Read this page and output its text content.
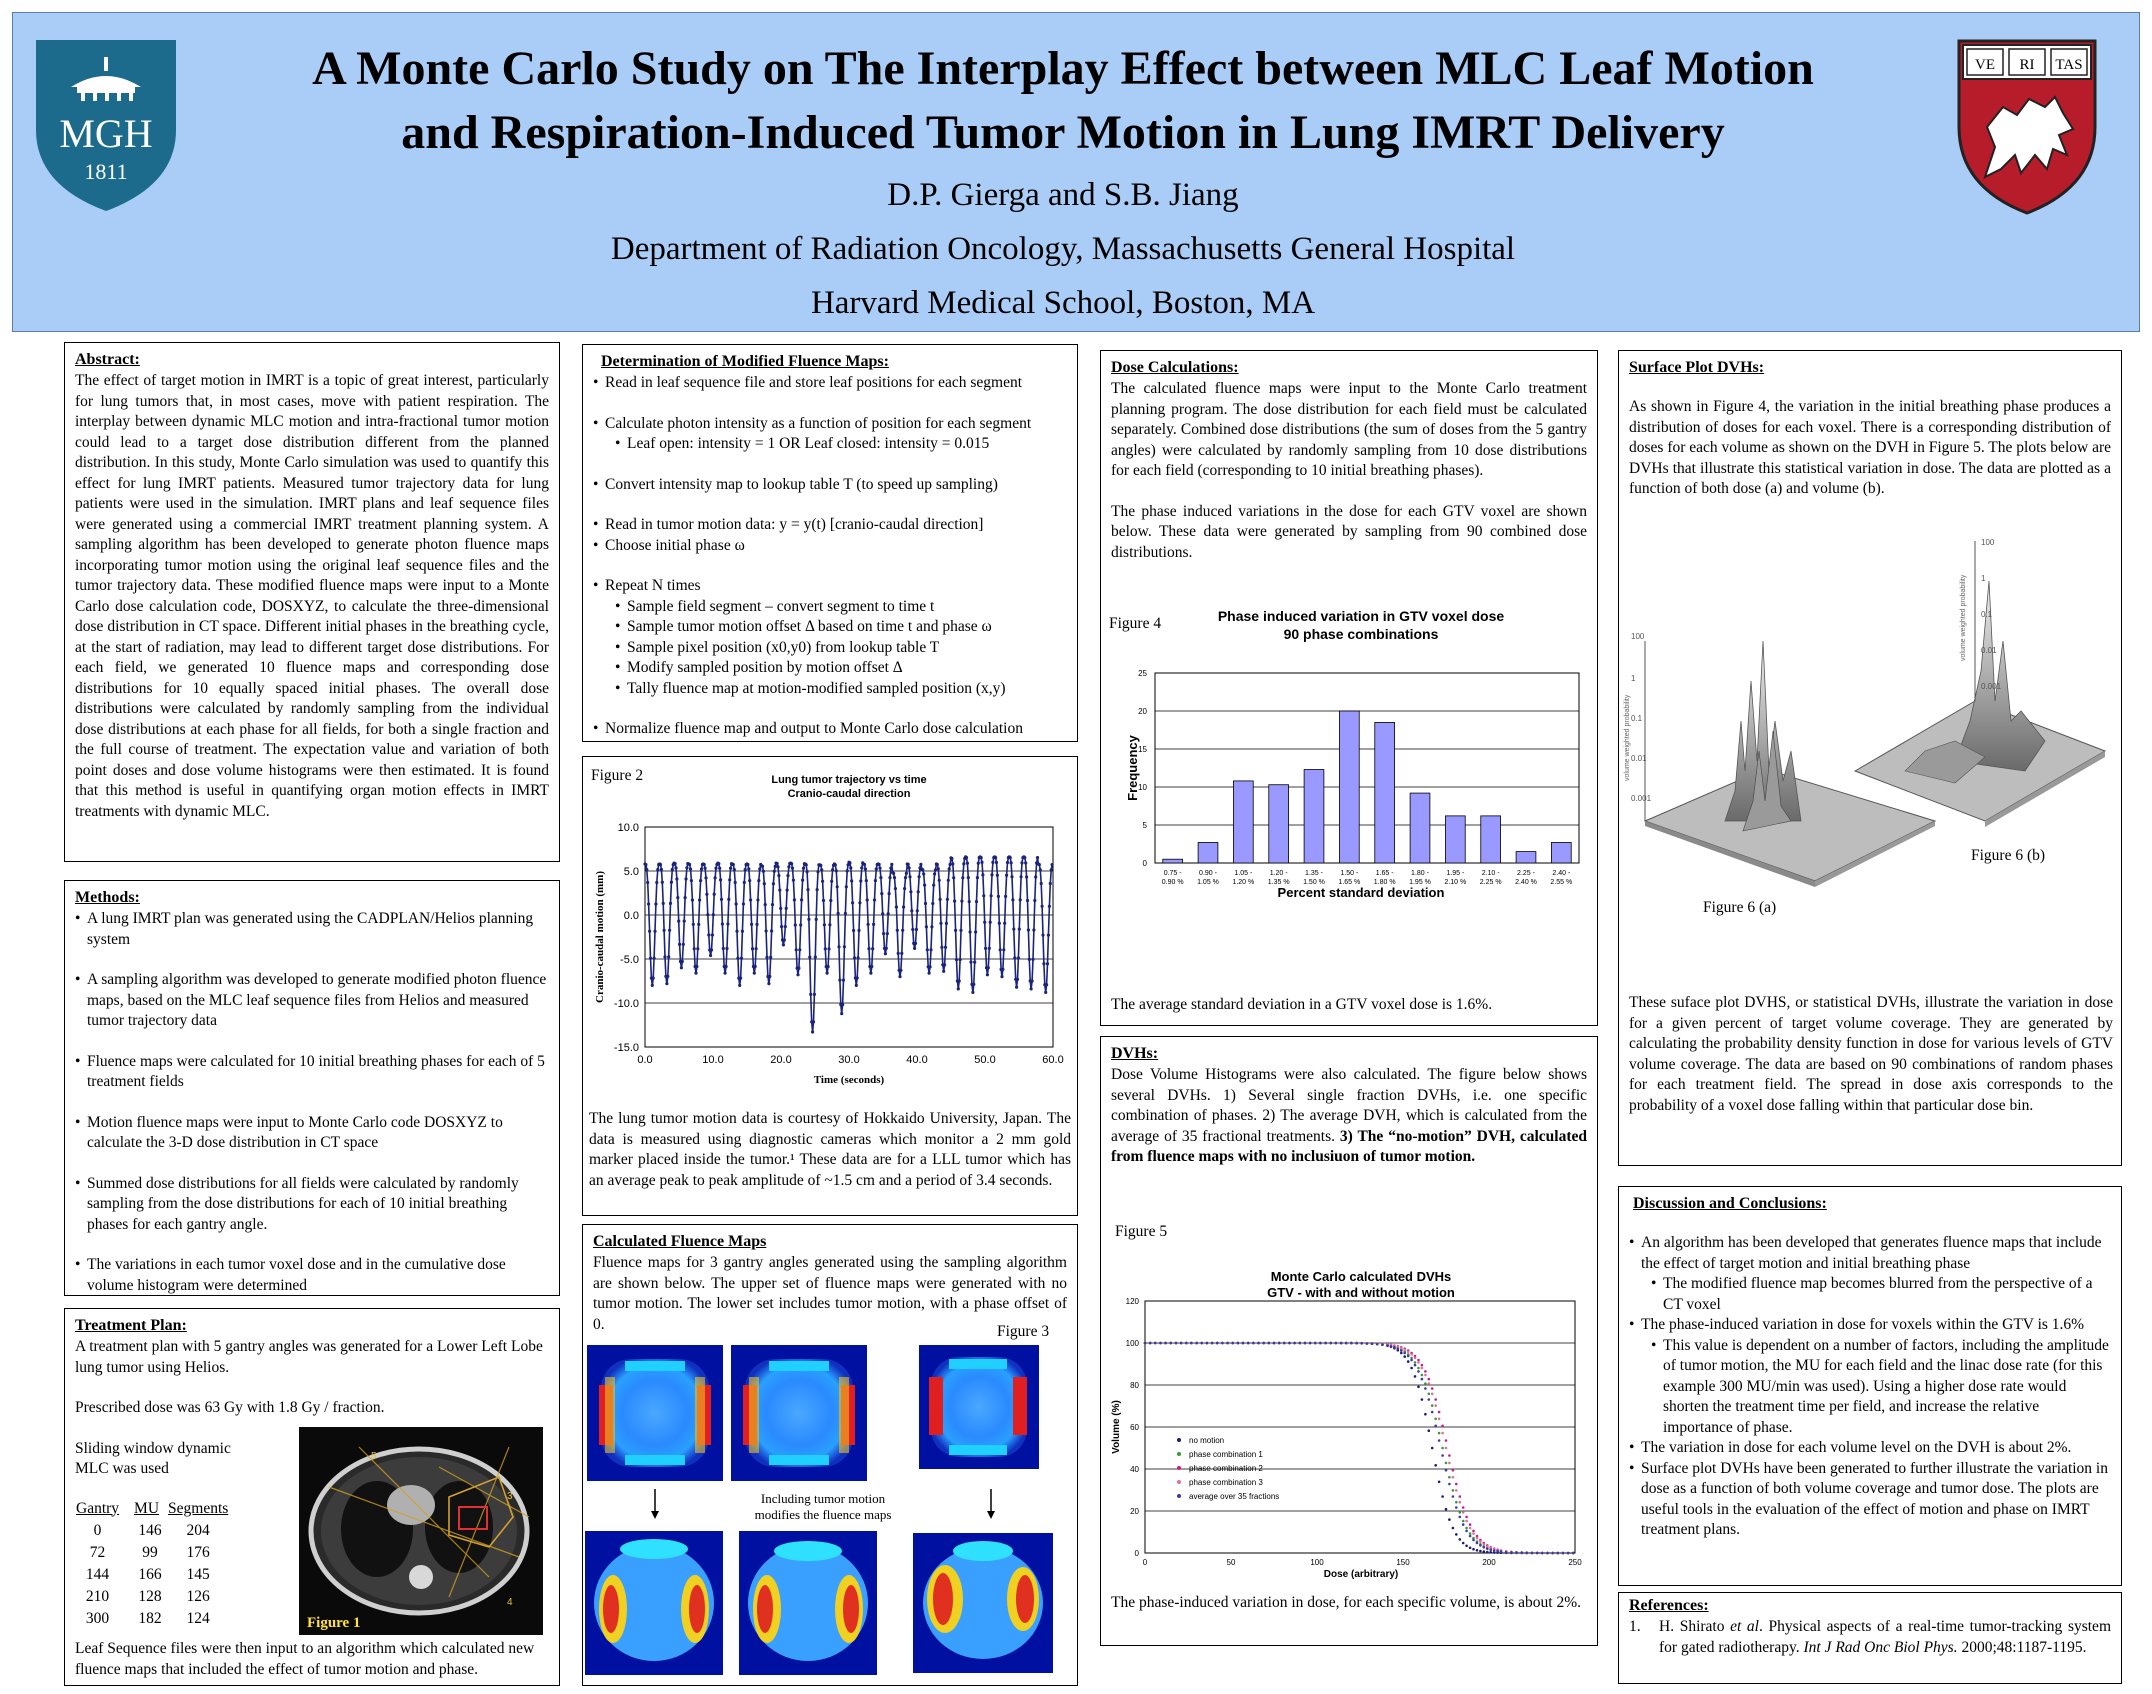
MGH
1811
A Monte Carlo Study on The Interplay Effect between MLC Leaf Motion
and Respiration-Induced Tumor Motion in Lung IMRT Delivery
D.P. Gierga and S.B. Jiang
Department of Radiation Oncology, Massachusetts General Hospital
Harvard Medical School, Boston, MA
VE RI TAS
Abstract:
The effect of target motion in IMRT is a topic of great interest, particularly for lung tumors that, in most cases, move with patient respiration. The interplay between dynamic MLC motion and intra-fractional tumor motion could lead to a target dose distribution different from the planned distribution. In this study, Monte Carlo simulation was used to quantify this effect for lung IMRT patients. Measured tumor trajectory data for lung patients were used in the simulation. IMRT plans and leaf sequence files were generated using a commercial IMRT treatment planning system. A sampling algorithm has been developed to generate photon fluence maps incorporating tumor motion using the original leaf sequence files and the tumor trajectory data. These modified fluence maps were input to a Monte Carlo dose calculation code, DOSXYZ, to calculate the three-dimensional dose distribution in CT space. Different initial phases in the breathing cycle, at the start of radiation, may lead to different target dose distributions. For each field, we generated 10 fluence maps and corresponding dose distributions for 10 equally spaced initial phases. The overall dose distributions were calculated by randomly sampling from the individual dose distributions at each phase for all fields, for both a single fraction and the full course of treatment. The expectation value and variation of both point doses and dose volume histograms were then estimated. It is found that this method is useful in quantifying organ motion effects in IMRT treatments with dynamic MLC.
Methods:
• A lung IMRT plan was generated using the CADPLAN/Helios planning system
• A sampling algorithm was developed to generate modified photon fluence maps, based on the MLC leaf sequence files from Helios and measured tumor trajectory data
• Fluence maps were calculated for 10 initial breathing phases for each of 5 treatment fields
• Motion fluence maps were input to Monte Carlo code DOSXYZ to calculate the 3-D dose distribution in CT space
• Summed dose distributions for all fields were calculated by randomly sampling from the dose distributions for each of 10 initial breathing phases for each gantry angle.
• The variations in each tumor voxel dose and in the cumulative dose volume histogram were determined
Treatment Plan:

A treatment plan with 5 gantry angles was generated for a Lower Left Lobe lung tumor using Helios.

Prescribed dose was 63 Gy with 1.8 Gy / fraction.

Sliding window dynamic
MLC was used
Gantry	MU	Segments
0	146	204
72	99	176
144	166	145
210	128	126
300	182	124
Leaf Sequence files were then input to an algorithm which calculated new fluence maps that included the effect of tumor motion and phase.
5
3
4
Figure 1
Determination of Modified Fluence Maps:
• Read in leaf sequence file and store leaf positions for each segment
• Calculate photon intensity as a function of position for each segment
• Leaf open: intensity = 1 OR Leaf closed: intensity = 0.015
• Convert intensity map to lookup table T (to speed up sampling)
• Read in tumor motion data: y = y(t) [cranio-caudal direction]
• Choose initial phase ω
• Repeat N times
• Sample field segment – convert segment to time t
• Sample tumor motion offset Δ based on time t and phase ω
• Sample pixel position (x0,y0) from lookup table T
• Modify sampled position by motion offset Δ
• Tally fluence map at motion-modified sampled position (x,y)
• Normalize fluence map and output to Monte Carlo dose calculation
Figure 2	Lung tumor trajectory vs time
Cranio-caudal direction
10.0
5.0
0.0
-5.0
-10.0
-15.0
0.0	10.0	20.0	30.0	40.0	50.0	60.0
Time (seconds)
Cranio-caudal motion (mm)
The lung tumor motion data is courtesy of Hokkaido University, Japan. The data is measured using diagnostic cameras which monitor a 2 mm gold marker placed inside the tumor.¹ These data are for a LLL tumor which has an average peak to peak amplitude of ~1.5 cm and a period of 3.4 seconds.
Calculated Fluence Maps
Fluence maps for 3 gantry angles generated using the sampling algorithm are shown below. The upper set of fluence maps were generated with no tumor motion. The lower set includes tumor motion, with a phase offset of 0.	Figure 3
Including tumor motion modifies the fluence maps
Dose Calculations:

The calculated fluence maps were input to the Monte Carlo treatment planning program. The dose distribution for each field must be calculated separately. Combined dose distributions (the sum of doses from the 5 gantry angles) were calculated by randomly sampling from 10 dose distributions for each field (corresponding to 10 initial breathing phases).

The phase induced variations in the dose for each GTV voxel are shown below. These data were generated by sampling from 90 combined dose distributions.

Figure 4	Phase induced variation in GTV voxel dose
90 phase combinations
25
20
15
10
5
0
0.75 -
0.90 %
0.90 -
1.05 %
1.05 -
1.20 %
1.20 -
1.35 %
1.35 -
1.50 %
1.50 -
1.65 %
1.65 -
1.80 %
1.80 -
1.95 %
1.95 -
2.10 %
2.10 -
2.25 %
2.25 -
2.40 %
2.40 -
2.55 %
Percent standard deviation
Frequency
The average standard deviation in a GTV voxel dose is 1.6%.
DVHs:
Dose Volume Histograms were also calculated. The figure below shows several DVHs. 1) Several single fraction DVHs, i.e. one specific combination of phases. 2) The average DVH, which is calculated from the average of 35 fractional treatments. 3) The “no-motion” DVH, calculated from fluence maps with no inclusiuon of tumor motion.
Figure 5
Monte Carlo calculated DVHs
GTV - with and without motion
120
100
80
60
40
20
0
0	50	100	150	200	250
Dose (arbitrary)
Volume (%)	no motion
phase combination 1
phase combination 2
phase combination 3
average over 35 fractions
The phase-induced variation in dose, for each specific volume, is about 2%.
Surface Plot DVHs:
As shown in Figure 4, the variation in the initial breathing phase produces a distribution of doses for each voxel. There is a corresponding distribution of doses for each volume as shown on the DVH in Figure 5. The plots below are DVHs that illustrate this statistical variation in dose. The data are plotted as a function of both dose (a) and volume (b).
100
1
0.1
0.01
0.001
volume weighted probability
100
1
0.1
0.01
0.001
volume weighted probability
Figure 6 (a)
Figure 6 (b)
These suface plot DVHS, or statistical DVHs, illustrate the variation in dose for a given percent of target volume coverage. They are generated by calculating the probability density function in dose for various levels of GTV volume coverage. The data are based on 90 combinations of random phases for each treatment field. The spread in dose axis corresponds to the probability of a voxel dose falling within that particular dose bin.
Discussion and Conclusions:
• An algorithm has been developed that generates fluence maps that include the effect of target motion and initial breathing phase
• The modified fluence map becomes blurred from the perspective of a CT voxel
• The phase-induced variation in dose for voxels within the GTV is 1.6%
• This value is dependent on a number of factors, including the amplitude of tumor motion, the MU for each field and the linac dose rate (for this example 300 MU/min was used). Using a higher dose rate would shorten the treatment time per field, and increase the relative importance of phase.
• The variation in dose for each volume level on the DVH is about 2%.
• Surface plot DVHs have been generated to further illustrate the variation in dose as a function of both volume coverage and tumor dose. The plots are useful tools in the evaluation of the effect of motion and phase on IMRT treatment plans.
References:
1. H. Shirato et al. Physical aspects of a real-time tumor-tracking system for gated radiotherapy. Int J Rad Onc Biol Phys. 2000;48:1187-1195.
